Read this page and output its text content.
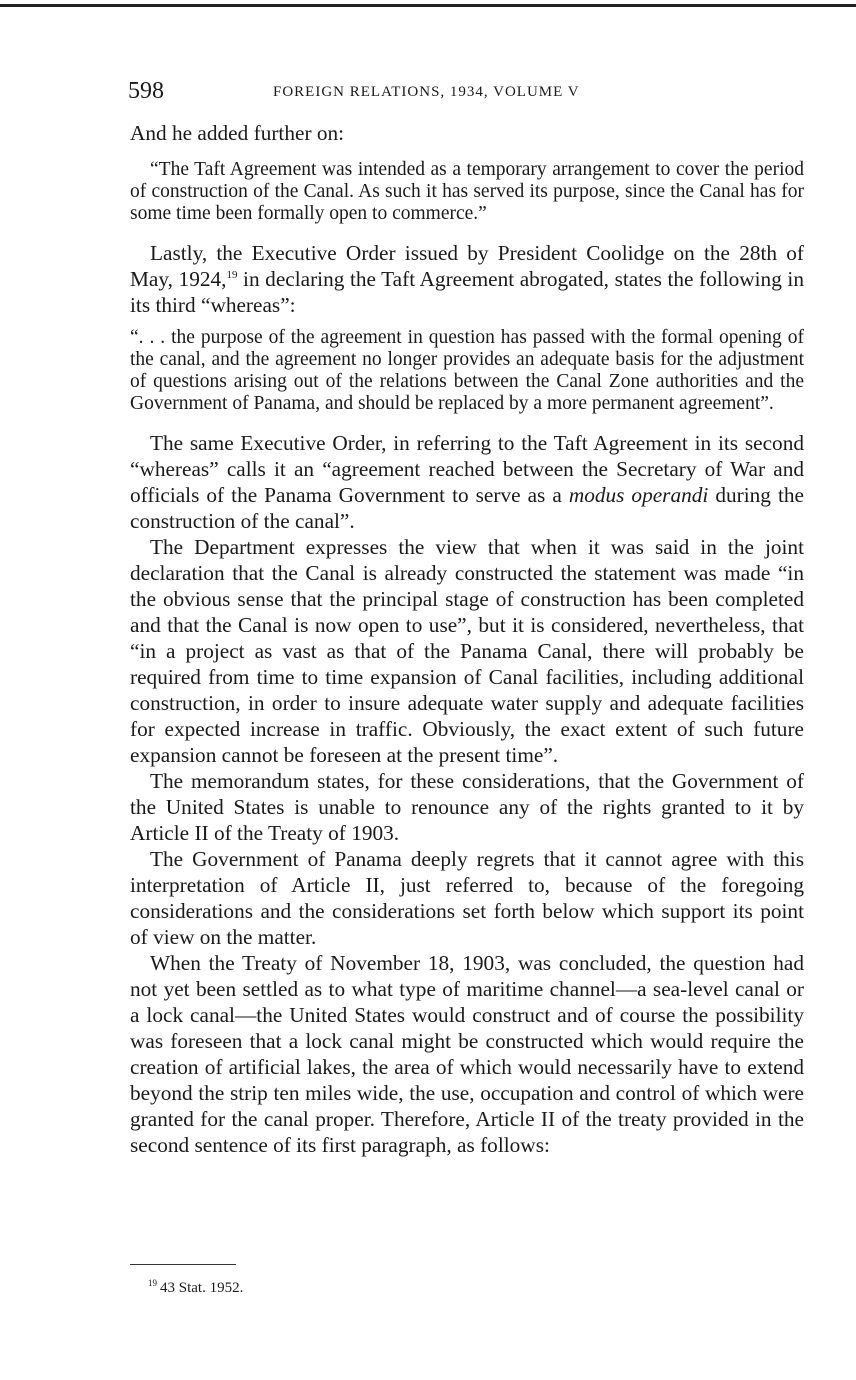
598	FOREIGN RELATIONS, 1934, VOLUME V

And he added further on:

“The Taft Agreement was intended as a temporary arrangement to cover the period of construction of the Canal. As such it has served its purpose, since the Canal has for some time been formally open to commerce.”

Lastly, the Executive Order issued by President Coolidge on the 28th of May, 1924,19 in declaring the Taft Agreement abrogated, states the following in its third “whereas”:

“. . . the purpose of the agreement in question has passed with the formal opening of the canal, and the agreement no longer provides an adequate basis for the adjustment of questions arising out of the relations between the Canal Zone authorities and the Government of Panama, and should be replaced by a more permanent agreement”.

The same Executive Order, in referring to the Taft Agreement in its second “whereas” calls it an “agreement reached between the Secretary of War and officials of the Panama Government to serve as a modus operandi during the construction of the canal”.

The Department expresses the view that when it was said in the joint declaration that the Canal is already constructed the statement was made “in the obvious sense that the principal stage of construction has been completed and that the Canal is now open to use”, but it is considered, nevertheless, that “in a project as vast as that of the Panama Canal, there will probably be required from time to time expansion of Canal facilities, including additional construction, in order to insure adequate water supply and adequate facilities for expected increase in traffic. Obviously, the exact extent of such future expansion cannot be foreseen at the present time”.

The memorandum states, for these considerations, that the Government of the United States is unable to renounce any of the rights granted to it by Article II of the Treaty of 1903.

The Government of Panama deeply regrets that it cannot agree with this interpretation of Article II, just referred to, because of the foregoing considerations and the considerations set forth below which support its point of view on the matter.

When the Treaty of November 18, 1903, was concluded, the question had not yet been settled as to what type of maritime channel—a sea-level canal or a lock canal—the United States would construct and of course the possibility was foreseen that a lock canal might be constructed which would require the creation of artificial lakes, the area of which would necessarily have to extend beyond the strip ten miles wide, the use, occupation and control of which were granted for the canal proper. Therefore, Article II of the treaty provided in the second sentence of its first paragraph, as follows:

$^{19}$ 43 Stat. 1952.
